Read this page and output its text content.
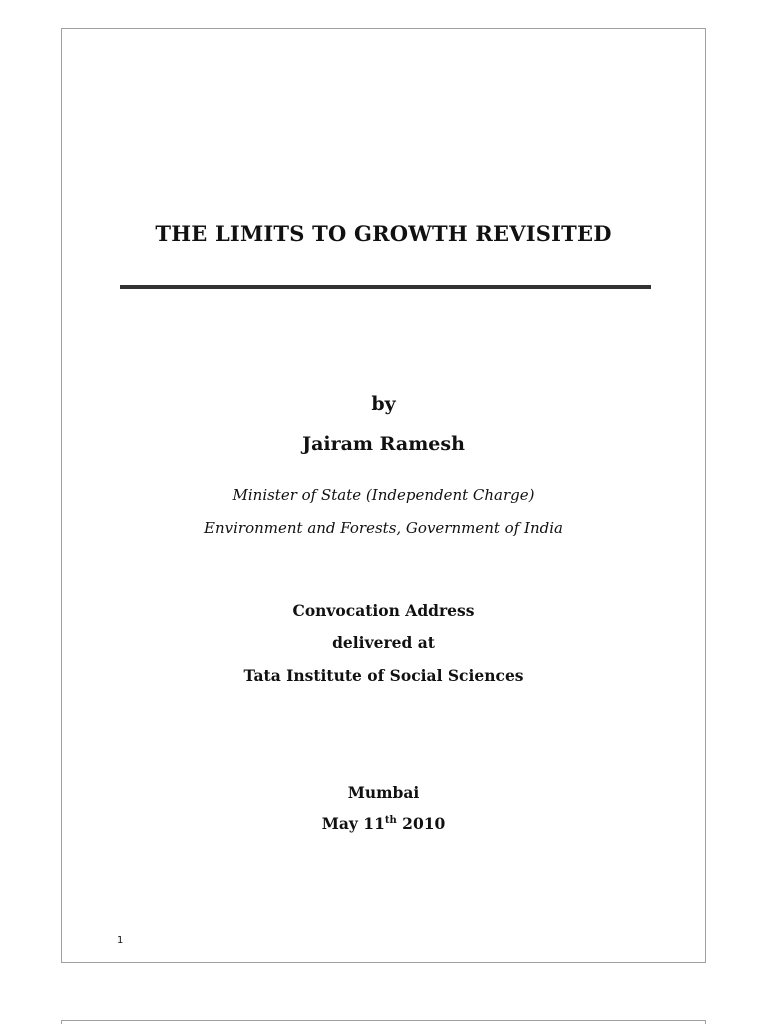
THE LIMITS TO GROWTH REVISITED
by
Jairam Ramesh
Minister of State (Independent Charge)
Environment and Forests, Government of India
Convocation Address
delivered at
Tata Institute of Social Sciences
Mumbai
May 11th 2010
1
